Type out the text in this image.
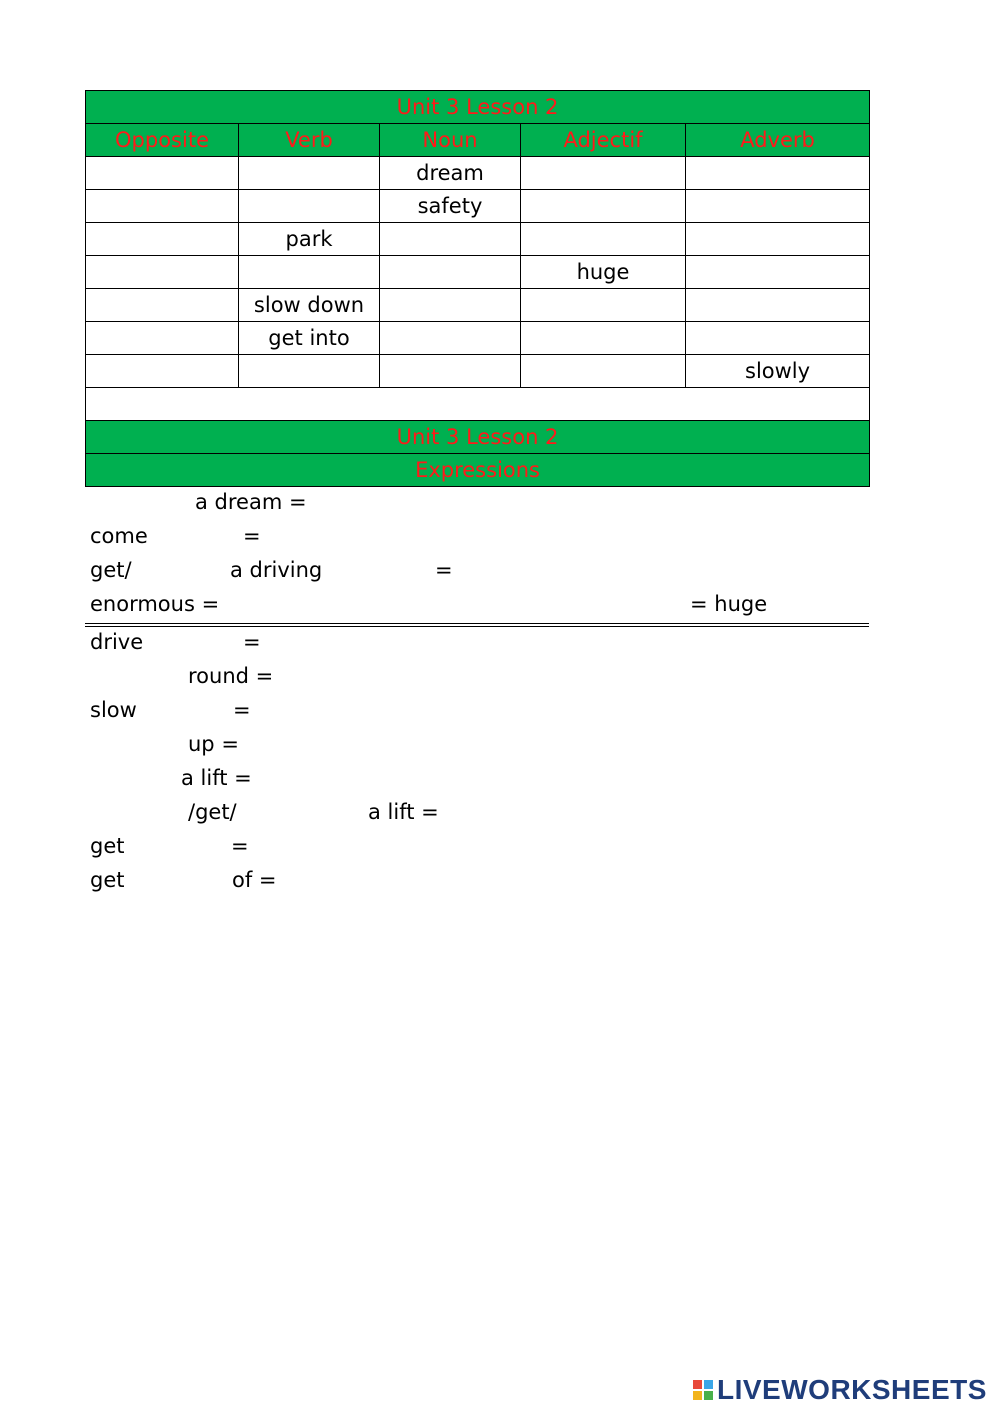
Unit 3 Lesson 2				
Opposite	Verb	Noun	Adjectif	Adverb
		dream		
		safety		
	park			
			huge	
	slow down			
	get into			
				slowly

Unit 3 Lesson 2				
Expressions				
a dream =
come	=
get/	a driving	=
enormous =	= huge
drive	=
round =
slow	=
up =
a lift =
/get/	a lift =
get	=
get	of =
LIVEWORKSHEETS
